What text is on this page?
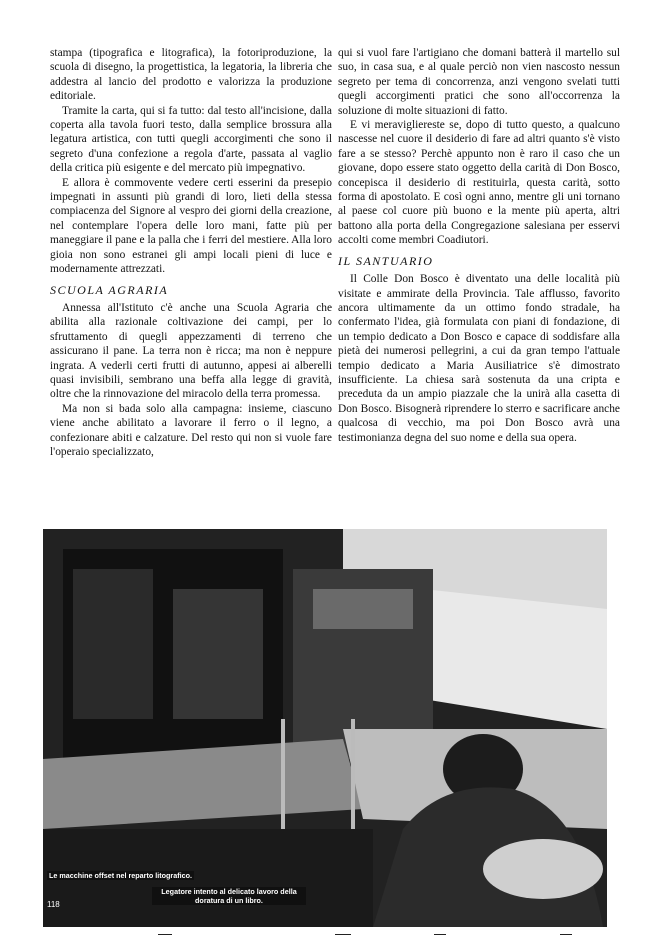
stampa (tipografica e litografica), la fotoriproduzione, la scuola di disegno, la progettistica, la legatoria, la libreria che addestra al lancio del prodotto e valorizza la produzione editoriale.

Tramite la carta, qui si fa tutto: dal testo all'incisione, dalla coperta alla tavola fuori testo, dalla semplice brossura alla legatura artistica, con tutti quegli accorgimenti che sono il segreto d'una confezione a regola d'arte, passata al vaglio della critica più esigente e del mercato più impegnativo.

E allora è commovente vedere certi esserini da presepio impegnati in assunti più grandi di loro, lieti della stessa compiacenza del Signore al vespro dei giorni della creazione, nel contemplare l'opera delle loro mani, fatte più per maneggiare il pane e la palla che i ferri del mestiere. Alla loro gioia non sono estranei gli ampi locali pieni di luce e modernamente attrezzati.

SCUOLA AGRARIA

Annessa all'Istituto c'è anche una Scuola Agraria che abilita alla razionale coltivazione dei campi, per lo sfruttamento di quegli appezzamenti di terreno che assicurano il pane. La terra non è ricca; ma non è neppure ingrata. A vederli certi frutti di autunno, appesi ai alberelli quasi invisibili, sembrano una beffa alla legge di gravità, oltre che la rinnovazione del miracolo della terra promessa.

Ma non si bada solo alla campagna: insieme, ciascuno viene anche abilitato a lavorare il ferro o il legno, a confezionare abiti e calzature. Del resto qui non si vuole fare l'operaio specializzato,

qui si vuol fare l'artigiano che domani batterà il martello sul suo, in casa sua, e al quale perciò non vien nascosto nessun segreto per tema di concorrenza, anzi vengono svelati tutti quegli accorgimenti pratici che sono all'occorrenza la soluzione di molte situazioni di fatto.

E vi meravigliereste se, dopo di tutto questo, a qualcuno nascesse nel cuore il desiderio di fare ad altri quanto s'è visto fare a se stesso? Perchè appunto non è raro il caso che un giovane, dopo essere stato oggetto della carità di Don Bosco, concepisca il desiderio di restituirla, questa carità, sotto forma di apostolato. E così ogni anno, mentre gli uni tornano al paese col cuore più buono e la mente più aperta, altri battono alla porta della Congregazione salesiana per esservi accolti come membri Coadiutori.

IL SANTUARIO

Il Colle Don Bosco è diventato una delle località più visitate e ammirate della Provincia. Tale afflusso, favorito ancora ultimamente da un ottimo fondo stradale, ha confermato l'idea, già formulata con piani di fondazione, di un tempio dedicato a Don Bosco e capace di soddisfare alla pietà dei numerosi pellegrini, a cui da gran tempo l'attuale tempio dedicato a Maria Ausiliatrice s'è dimostrato insufficiente. La chiesa sarà sostenuta da una cripta e preceduta da un ampio piazzale che la unirà alla casetta di Don Bosco. Bisognerà riprendere lo sterro e sacrificare anche qualcosa di vecchio, ma poi Don Bosco avrà una testimonianza degna del suo nome e della sua opera.

Le macchine offset nel reparto litografico.
Legatore intento al delicato lavoro della doratura di un libro.
118
